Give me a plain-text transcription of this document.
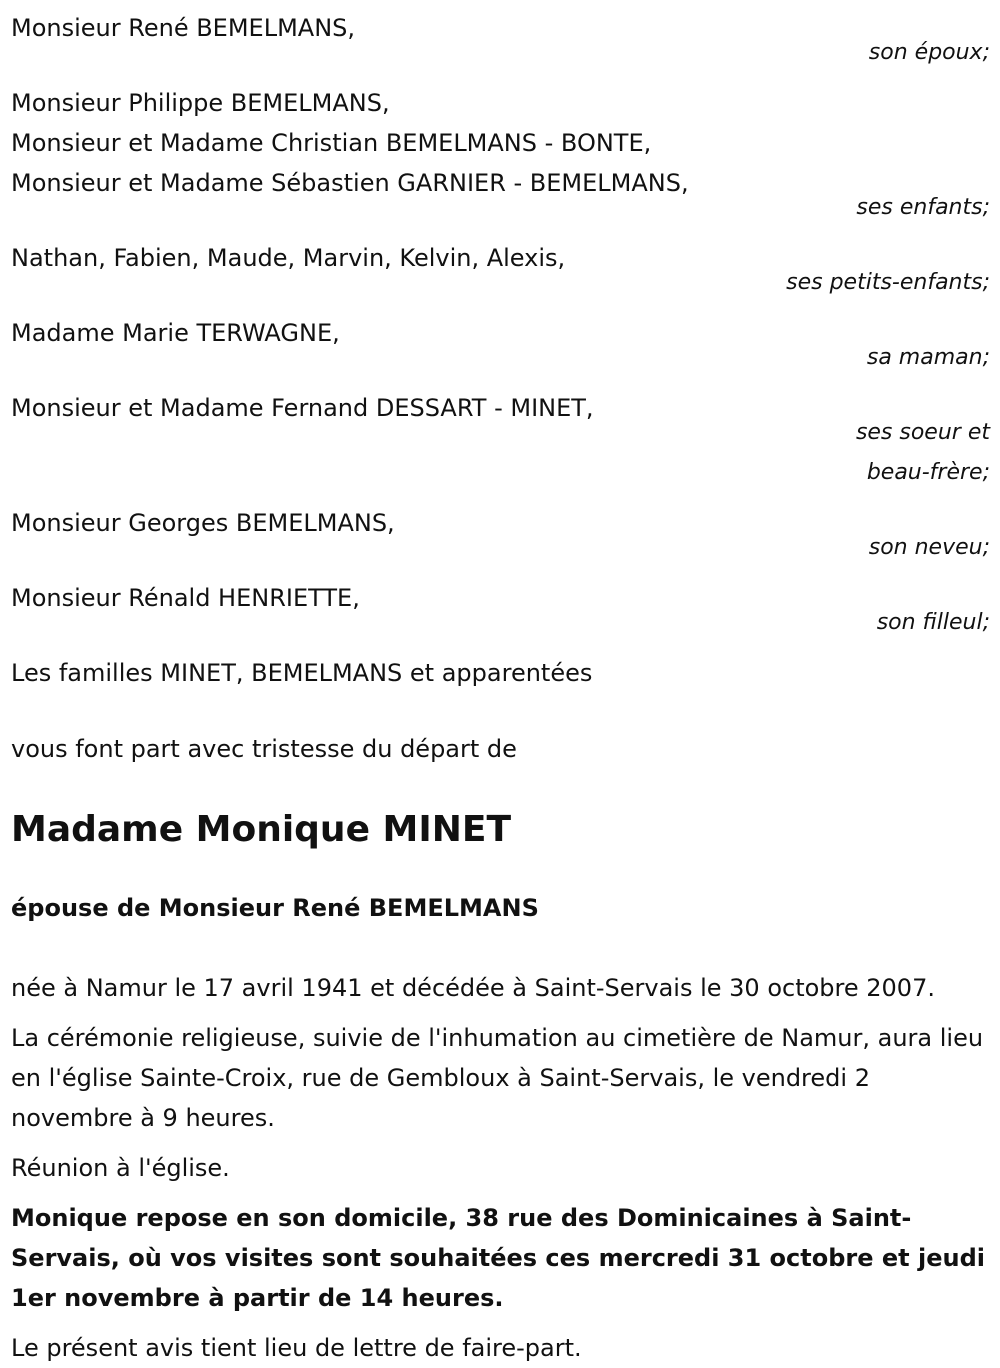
Monsieur René BEMELMANS,
son époux;
Monsieur Philippe BEMELMANS,
Monsieur et Madame Christian BEMELMANS - BONTE,
Monsieur et Madame Sébastien GARNIER - BEMELMANS,
ses enfants;
Nathan, Fabien, Maude, Marvin, Kelvin, Alexis,
ses petits-enfants;
Madame Marie TERWAGNE,
sa maman;
Monsieur et Madame Fernand DESSART - MINET,
ses soeur et
beau-frère;
Monsieur Georges BEMELMANS,
son neveu;
Monsieur Rénald HENRIETTE,
son filleul;
Les familles MINET, BEMELMANS et apparentées
vous font part avec tristesse du départ de
Madame Monique MINET
épouse de Monsieur René BEMELMANS
née à Namur le 17 avril 1941 et décédée à Saint-Servais le 30 octobre 2007.
La cérémonie religieuse, suivie de l'inhumation au cimetière de Namur, aura lieu en l'église Sainte-Croix, rue de Gembloux à Saint-Servais, le vendredi 2 novembre à 9 heures.
Réunion à l'église.
Monique repose en son domicile, 38 rue des Dominicaines à Saint-Servais, où vos visites sont souhaitées ces mercredi 31 octobre et jeudi 1er novembre à partir de 14 heures.
Le présent avis tient lieu de lettre de faire-part.
